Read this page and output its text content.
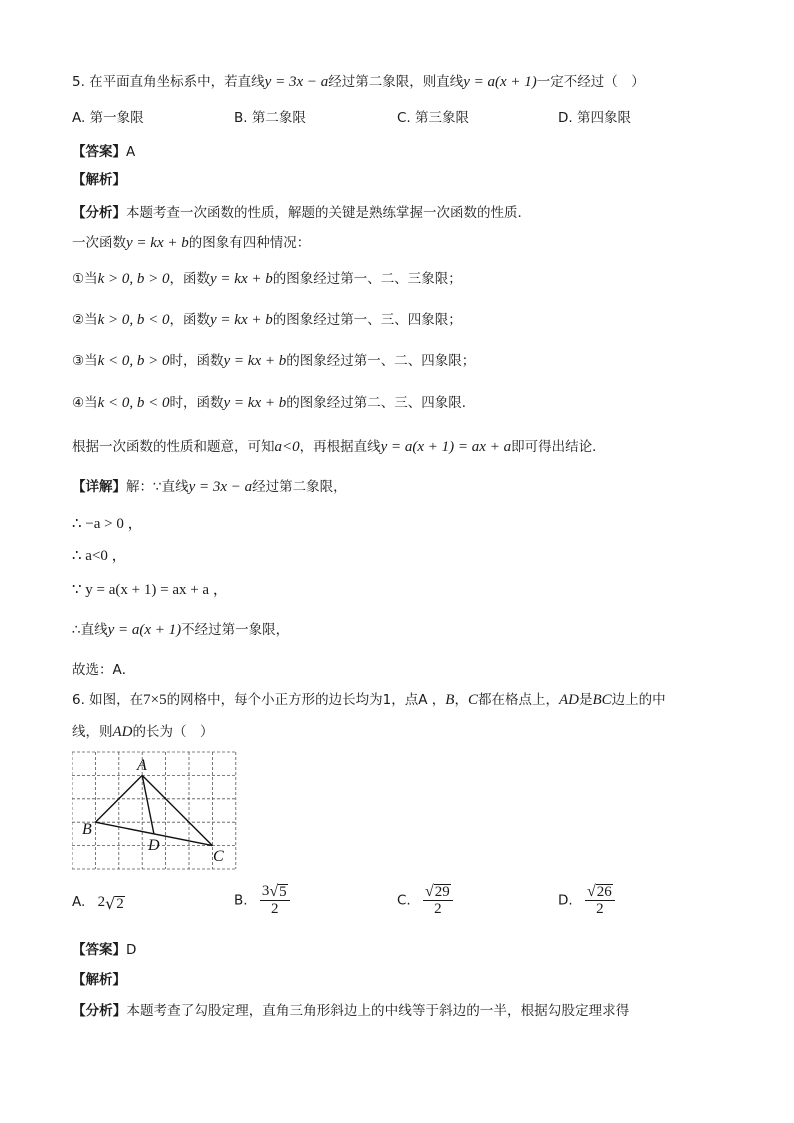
5. 在平面直角坐标系中，若直线y = 3x − a经过第二象限，则直线y = a(x + 1)一定不经过（　）
A. 第一象限	B. 第二象限	C. 第三象限	D. 第四象限
【答案】A
【解析】
【分析】本题考查一次函数的性质，解题的关键是熟练掌握一次函数的性质．
一次函数y = kx + b的图象有四种情况：
①当k > 0, b > 0，函数y = kx + b的图象经过第一、二、三象限；
②当k > 0, b < 0，函数y = kx + b的图象经过第一、三、四象限；
③当k < 0, b > 0时，函数y = kx + b的图象经过第一、二、四象限；
④当k < 0, b < 0时，函数y = kx + b的图象经过第二、三、四象限．
根据一次函数的性质和题意，可知a<0，再根据直线y = a(x + 1) = ax + a即可得出结论．
【详解】解：∵直线y = 3x − a经过第二象限，
∴ −a > 0 ，
∴ a<0 ，
∵ y = a(x + 1) = ax + a ，
∴直线y = a(x + 1)不经过第一象限，
故选：A．
6. 如图，在7×5的网格中，每个小正方形的边长均为1，点A ，B，C都在格点上，AD是BC边上的中
线，则AD的长为（　）
A
B
D
C
A. 2 √ 2	B. $\frac{3 √ 5}{2}$	C. $\frac{√ 29}{2}$	D. $\frac{√ 26}{2}$
【答案】D
【解析】
【分析】本题考查了勾股定理，直角三角形斜边上的中线等于斜边的一半，根据勾股定理求得
